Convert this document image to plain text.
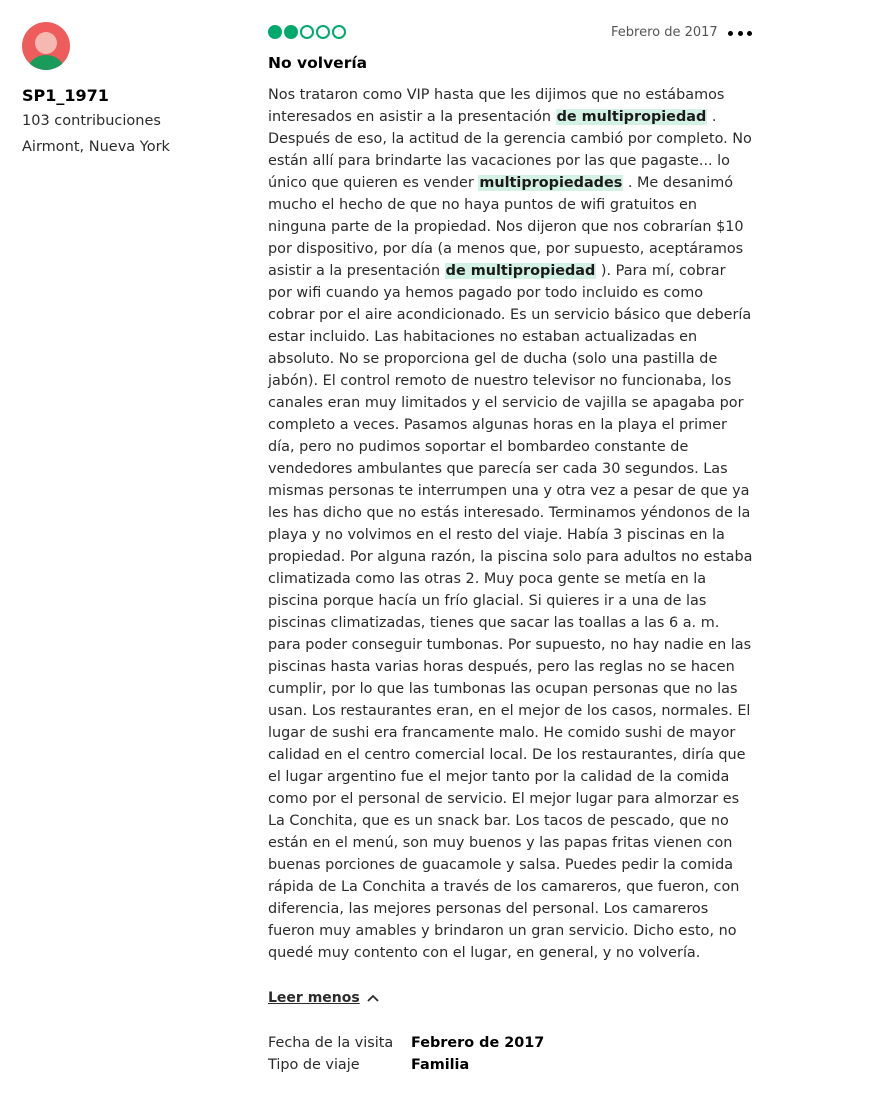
SP1_1971
103 contribuciones
Airmont, Nueva York
Febrero de 2017
No volvería

Nos trataron como VIP hasta que les dijimos que no estábamos interesados en asistir a la presentación de multipropiedad . Después de eso, la actitud de la gerencia cambió por completo. No están allí para brindarte las vacaciones por las que pagaste... lo único que quieren es vender multipropiedades . Me desanimó mucho el hecho de que no haya puntos de wifi gratuitos en ninguna parte de la propiedad. Nos dijeron que nos cobrarían $10 por dispositivo, por día (a menos que, por supuesto, aceptáramos asistir a la presentación de multipropiedad ). Para mí, cobrar por wifi cuando ya hemos pagado por todo incluido es como cobrar por el aire acondicionado. Es un servicio básico que debería estar incluido. Las habitaciones no estaban actualizadas en absoluto. No se proporciona gel de ducha (solo una pastilla de jabón). El control remoto de nuestro televisor no funcionaba, los canales eran muy limitados y el servicio de vajilla se apagaba por completo a veces. Pasamos algunas horas en la playa el primer día, pero no pudimos soportar el bombardeo constante de vendedores ambulantes que parecía ser cada 30 segundos. Las mismas personas te interrumpen una y otra vez a pesar de que ya les has dicho que no estás interesado. Terminamos yéndonos de la playa y no volvimos en el resto del viaje. Había 3 piscinas en la propiedad. Por alguna razón, la piscina solo para adultos no estaba climatizada como las otras 2. Muy poca gente se metía en la piscina porque hacía un frío glacial. Si quieres ir a una de las piscinas climatizadas, tienes que sacar las toallas a las 6 a. m. para poder conseguir tumbonas. Por supuesto, no hay nadie en las piscinas hasta varias horas después, pero las reglas no se hacen cumplir, por lo que las tumbonas las ocupan personas que no las usan. Los restaurantes eran, en el mejor de los casos, normales. El lugar de sushi era francamente malo. He comido sushi de mayor calidad en el centro comercial local. De los restaurantes, diría que el lugar argentino fue el mejor tanto por la calidad de la comida como por el personal de servicio. El mejor lugar para almorzar es La Conchita, que es un snack bar. Los tacos de pescado, que no están en el menú, son muy buenos y las papas fritas vienen con buenas porciones de guacamole y salsa. Puedes pedir la comida rápida de La Conchita a través de los camareros, que fueron, con diferencia, las mejores personas del personal. Los camareros fueron muy amables y brindaron un gran servicio. Dicho esto, no quedé muy contento con el lugar, en general, y no volvería.

Leer menos
Fecha de la visita	Febrero de 2017
Tipo de viaje	Familia
